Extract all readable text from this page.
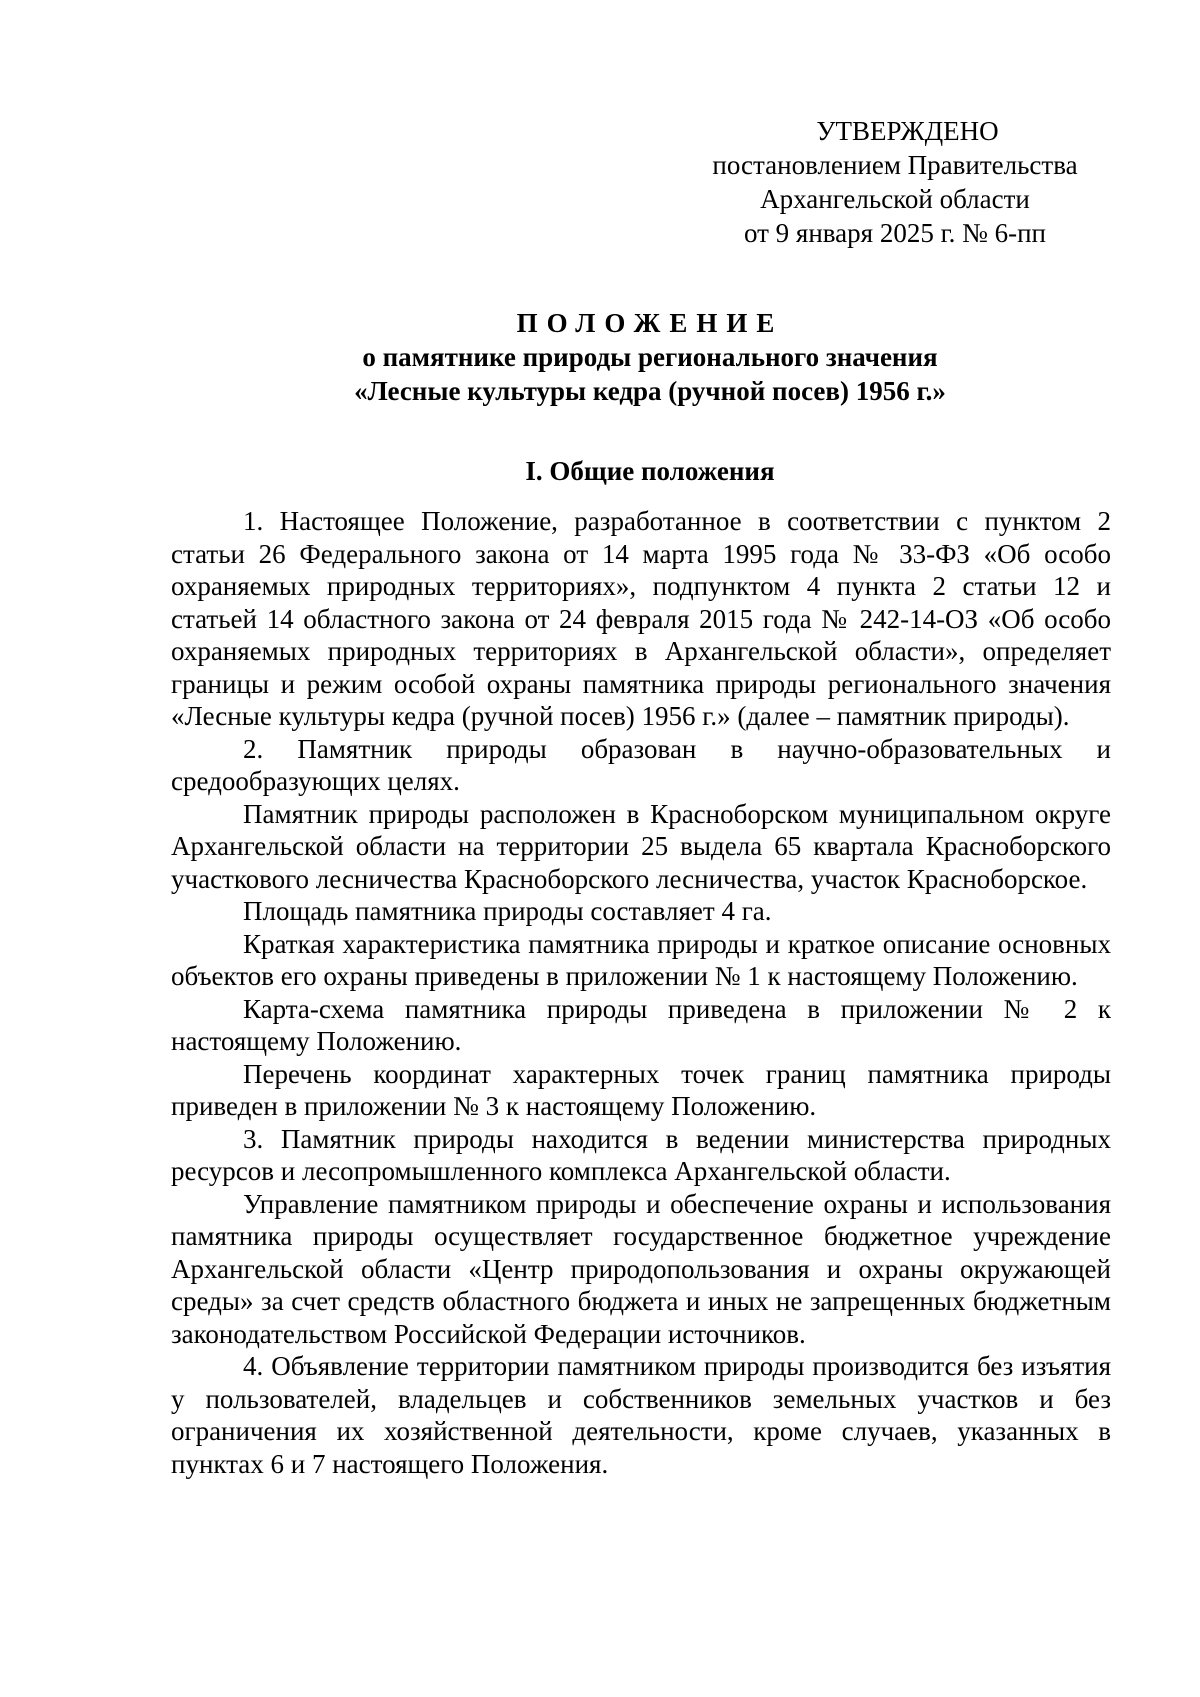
УТВЕРЖДЕНО
постановлением Правительства
Архангельской области
от 9 января 2025 г. № 6-пп
ПОЛОЖЕНИЕ
о памятнике природы регионального значения
«Лесные культуры кедра (ручной посев) 1956 г.»
I. Общие положения

1. Настоящее Положение, разработанное в соответствии с пунктом 2 статьи 26 Федерального закона от 14 марта 1995 года № 33-ФЗ «Об особо охраняемых природных территориях», подпунктом 4 пункта 2 статьи 12 и статьей 14 областного закона от 24 февраля 2015 года № 242-14-ОЗ «Об особо охраняемых природных территориях в Архангельской области», определяет границы и режим особой охраны памятника природы регионального значения «Лесные культуры кедра (ручной посев) 1956 г.» (далее – памятник природы).

2. Памятник природы образован в научно-образовательных и средообразующих целях.

Памятник природы расположен в Красноборском муниципальном округе Архангельской области на территории 25 выдела 65 квартала Красноборского участкового лесничества Красноборского лесничества, участок Красноборское.

Площадь памятника природы составляет 4 га.

Краткая характеристика памятника природы и краткое описание основных объектов его охраны приведены в приложении № 1 к настоящему Положению.

Карта-схема памятника природы приведена в приложении № 2 к настоящему Положению.

Перечень координат характерных точек границ памятника природы приведен в приложении № 3 к настоящему Положению.

3. Памятник природы находится в ведении министерства природных ресурсов и лесопромышленного комплекса Архангельской области.

Управление памятником природы и обеспечение охраны и использования памятника природы осуществляет государственное бюджетное учреждение Архангельской области «Центр природопользования и охраны окружающей среды» за счет средств областного бюджета и иных не запрещенных бюджетным законодательством Российской Федерации источников.

4. Объявление территории памятником природы производится без изъятия у пользователей, владельцев и собственников земельных участков и без ограничения их хозяйственной деятельности, кроме случаев, указанных в пунктах 6 и 7 настоящего Положения.
